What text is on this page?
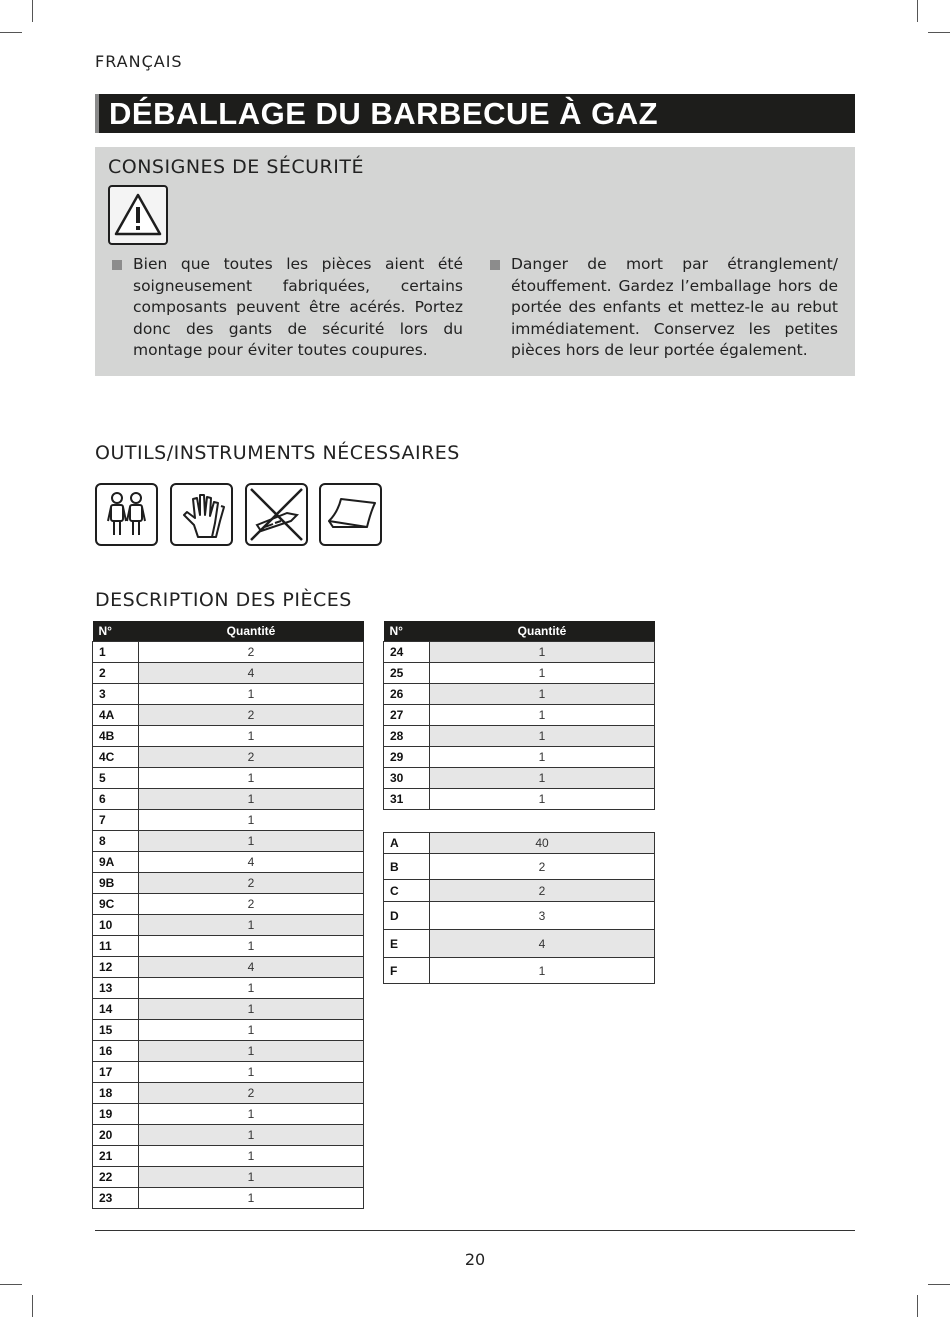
FRANÇAIS
DÉBALLAGE DU BARBECUE À GAZ
CONSIGNES DE SÉCURITÉ
Bien que toutes les pièces aient été soigneusement fabriquées, certains composants peuvent être acérés. Portez donc des gants de sécurité lors du montage pour éviter toutes coupures.
Danger de mort par étranglement/ étouffement. Gardez l’emballage hors de portée des enfants et mettez-le au rebut immédiatement. Conservez les petites pièces hors de leur portée également.
OUTILS/INSTRUMENTS NÉCESSAIRES
DESCRIPTION DES PIÈCES
N°	Quantité
1	2
2	4
3	1
4A	2
4B	1
4C	2
5	1
6	1
7	1
8	1
9A	4
9B	2
9C	2
10	1
11	1
12	4
13	1
14	1
15	1
16	1
17	1
18	2
19	1
20	1
21	1
22	1
23	1
N°	Quantité
24	1
25	1
26	1
27	1
28	1
29	1
30	1
31	1
A	40
B	2
C	2
D	3
E	4
F	1
20
